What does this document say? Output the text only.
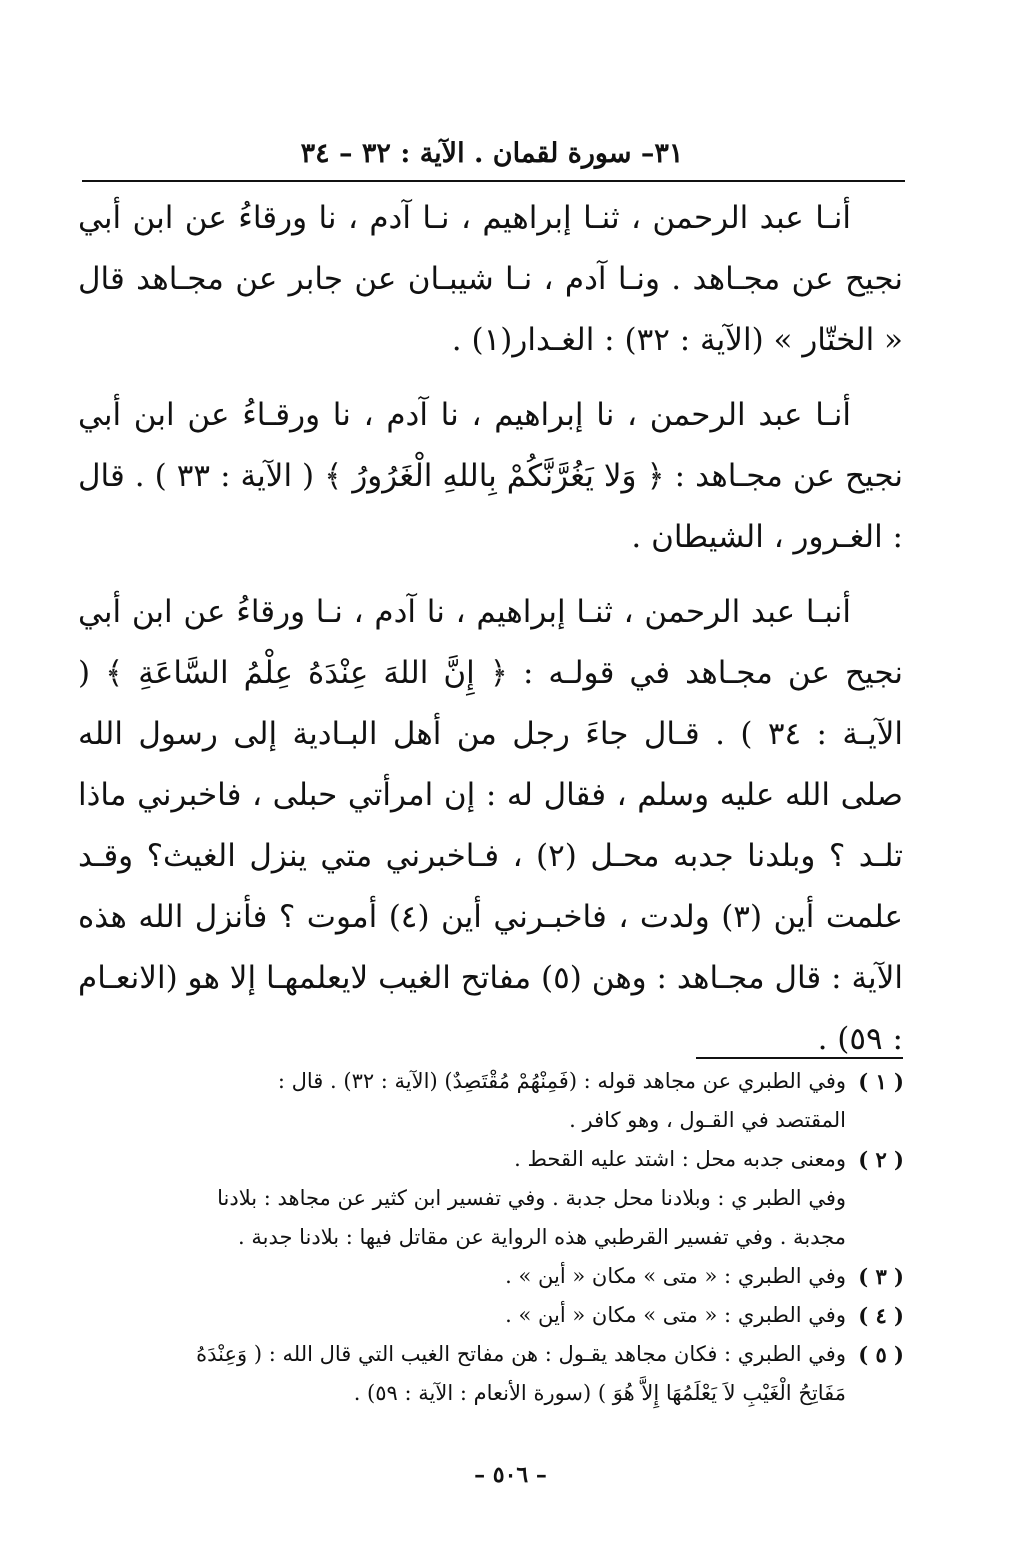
٣١– سورة لقمان . الآية : ٣٢ – ٣٤

أنـا عبد الرحمن ، ثنـا إبراهيم ، نـا آدم ، نا ورقاءُ عن ابن أبي نجيح عن مجـاهد . ونـا آدم ، نـا شيبـان عن جابر عن مجـاهد قال « الختّار » (الآية : ٣٢) : الغـدار(١) .

أنـا عبد الرحمن ، نا إبراهيم ، نا آدم ، نا ورقـاءُ عن ابن أبي نجيح عن مجـاهد : ﴿ وَلا يَغُرَّنَّكُمْ بِاللهِ الْغَرُورُ ﴾ ( الآية : ٣٣ ) . قال : الغـرور ، الشيطان .

أنبـا عبد الرحمن ، ثنـا إبراهيم ، نا آدم ، نـا ورقاءُ عن ابن أبي نجيح عن مجـاهد في قولـه : ﴿ إِنَّ اللهَ عِنْدَهُ عِلْمُ السَّاعَةِ ﴾ ( الآيـة : ٣٤ ) . قـال جاءَ رجل من أهل البـادية إلى رسول الله صلى الله عليه وسلم ، فقال له : إن امرأتي حبلى ، فاخبرني ماذا تلـد ؟ وبلدنا جدبه محـل (٢) ، فـاخبرني متي ينزل الغيث؟ وقـد علمت أين (٣) ولدت ، فاخبـرني أين (٤) أموت ؟ فأنزل الله هذه الآية : قال مجـاهد : وهن (٥) مفاتح الغيب لايعلمهـا إلا هو (الانعـام : ٥٩) .

( ١ )
وفي الطبري عن مجاهد قوله : (فَمِنْهُمْ مُقْتَصِدٌ) (الآية : ٣٢) . قال :
المقتصد في القـول ، وهو كافر .
( ٢ )
ومعنى جدبه محل : اشتد عليه القحط .
وفي الطبر ي : وبلادنا محل جدبة . وفي تفسير ابن كثير عن مجاهد : بلادنا
مجدبة . وفي تفسير القرطبي هذه الرواية عن مقاتل فيها : بلادنا جدبة .
( ٣ )
وفي الطبري : « متى » مكان « أين » .
( ٤ )
وفي الطبري : « متى » مكان « أين » .
( ٥ )
وفي الطبري : فكان مجاهد يقـول : هن مفاتح الغيب التي قال الله : ( وَعِنْدَهُ
مَفَاتِحُ الْغَيْبِ لاَ يَعْلَمُهَا إِلاَّ هُوَ ) (سورة الأنعام : الآية : ٥٩) .
– ٥٠٦ –
